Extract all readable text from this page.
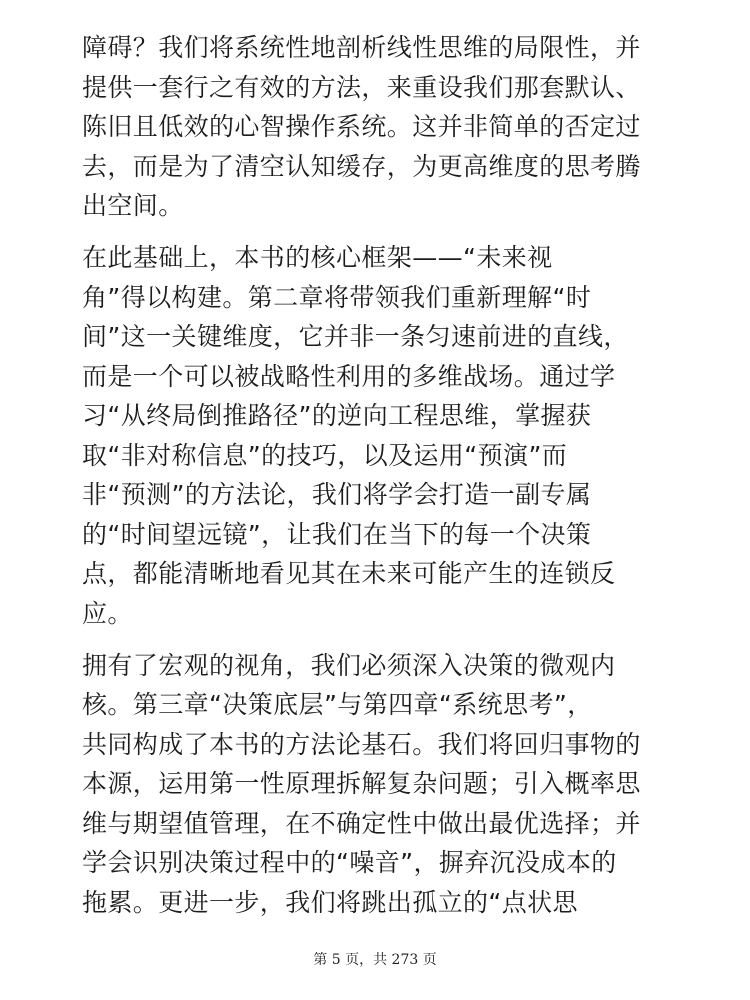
障碍？我们将系统性地剖析线性思维的局限性，并
提供一套行之有效的方法，来重设我们那套默认、
陈旧且低效的心智操作系统。这并非简单的否定过
去，而是为了清空认知缓存，为更高维度的思考腾
出空间。
在此基础上，本书的核心框架——“未来视
角”得以构建。第二章将带领我们重新理解“时
间”这一关键维度，它并非一条匀速前进的直线，
而是一个可以被战略性利用的多维战场。通过学
习“从终局倒推路径”的逆向工程思维，掌握获
取“非对称信息”的技巧，以及运用“预演”而
非“预测”的方法论，我们将学会打造一副专属
的“时间望远镜”，让我们在当下的每一个决策
点，都能清晰地看见其在未来可能产生的连锁反
应。
拥有了宏观的视角，我们必须深入决策的微观内
核。第三章“决策底层”与第四章“系统思考”，
共同构成了本书的方法论基石。我们将回归事物的
本源，运用第一性原理拆解复杂问题；引入概率思
维与期望值管理，在不确定性中做出最优选择；并
学会识别决策过程中的“噪音”，摒弃沉没成本的
拖累。更进一步，我们将跳出孤立的“点状思
第 5 页，共 273 页
